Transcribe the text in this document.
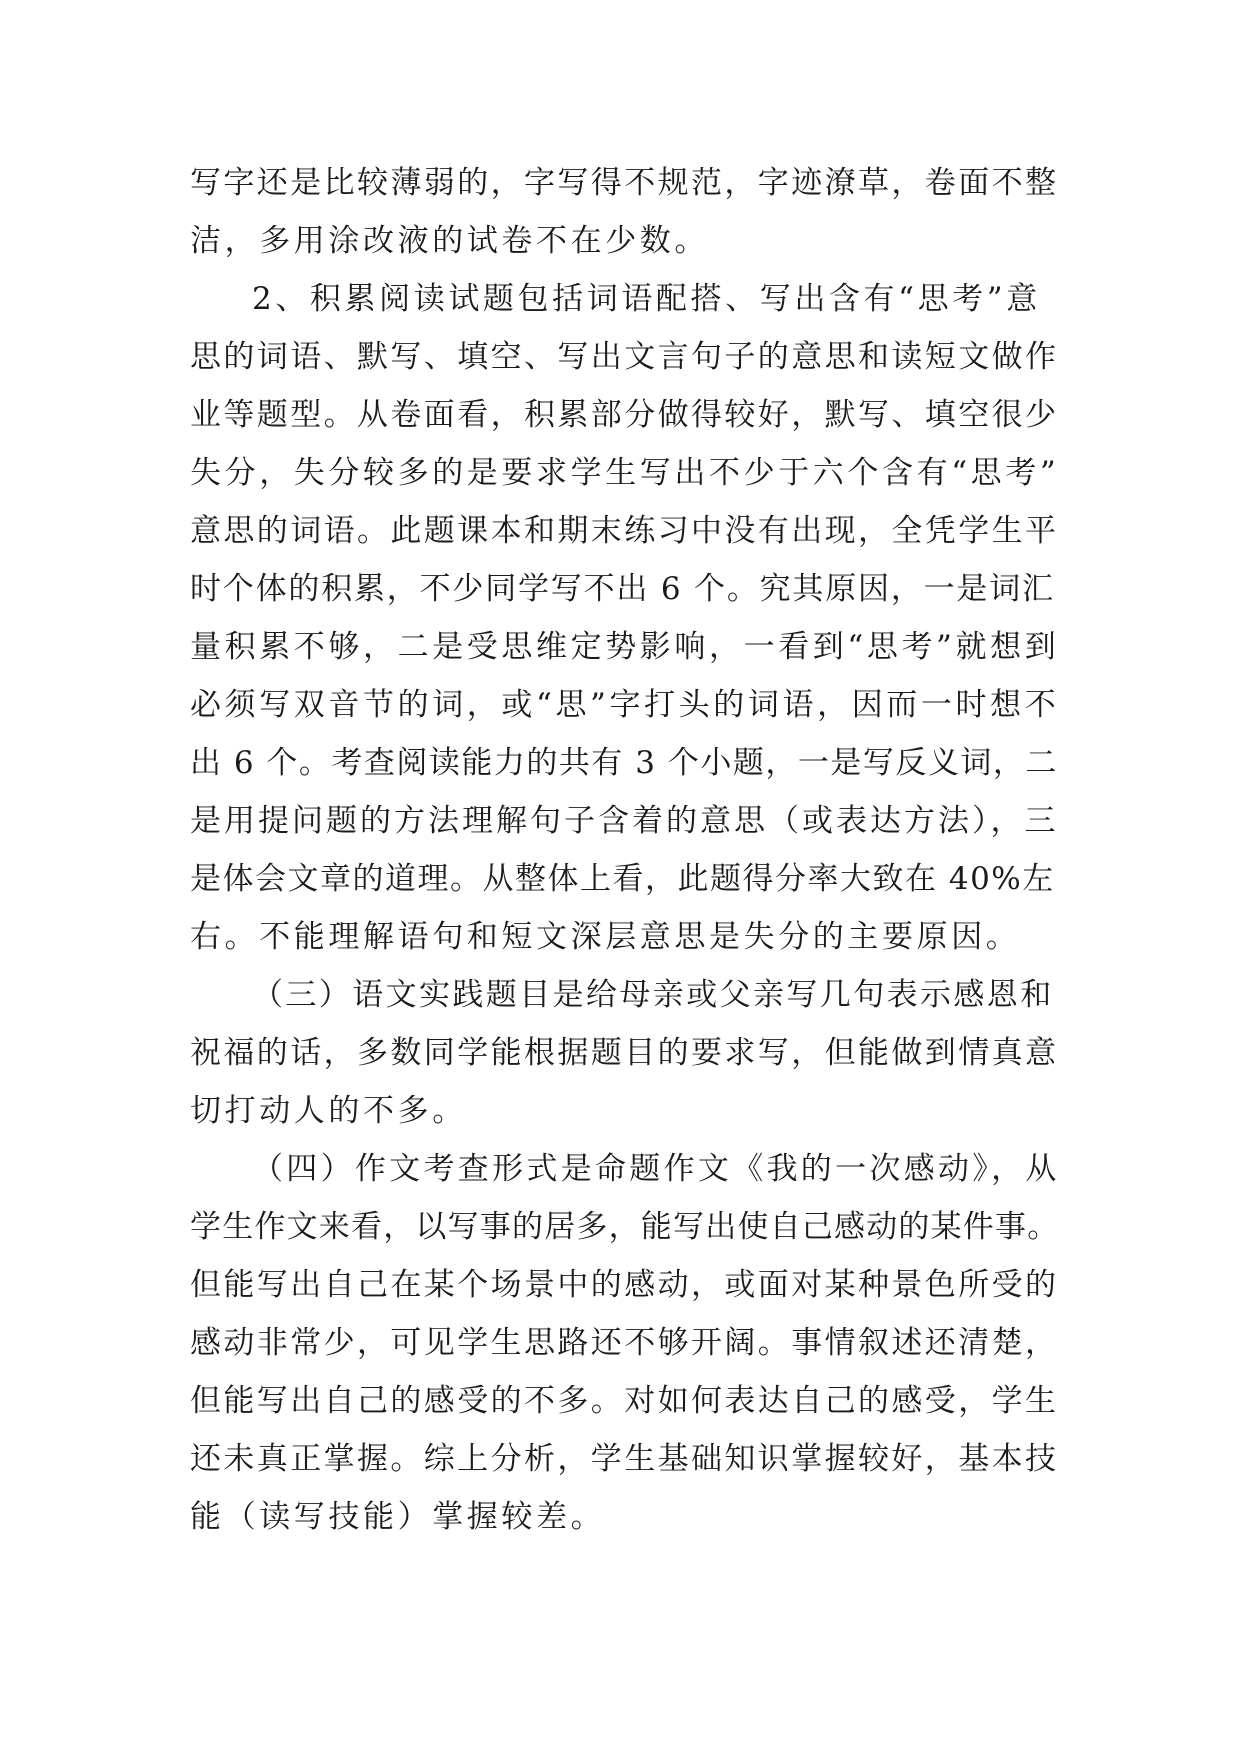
写字还是比较薄弱的，字写得不规范，字迹潦草，卷面不整
洁，多用涂改液的试卷不在少数。
2、积累阅读试题包括词语配搭、写出含有“思考”意
思的词语、默写、填空、写出文言句子的意思和读短文做作
业等题型。从卷面看，积累部分做得较好，默写、填空很少
失分，失分较多的是要求学生写出不少于六个含有“思考”
意思的词语。此题课本和期末练习中没有出现，全凭学生平
时个体的积累，不少同学写不出 6 个。究其原因，一是词汇
量积累不够，二是受思维定势影响，一看到“思考”就想到
必须写双音节的词，或“思”字打头的词语，因而一时想不
出 6 个。考查阅读能力的共有 3 个小题，一是写反义词，二
是用提问题的方法理解句子含着的意思（或表达方法），三
是体会文章的道理。从整体上看，此题得分率大致在 40%左
右。不能理解语句和短文深层意思是失分的主要原因。
（三）语文实践题目是给母亲或父亲写几句表示感恩和
祝福的话，多数同学能根据题目的要求写，但能做到情真意
切打动人的不多。
（四）作文考查形式是命题作文《我的一次感动》，从
学生作文来看，以写事的居多，能写出使自己感动的某件事。
但能写出自己在某个场景中的感动，或面对某种景色所受的
感动非常少，可见学生思路还不够开阔。事情叙述还清楚，
但能写出自己的感受的不多。对如何表达自己的感受，学生
还未真正掌握。综上分析，学生基础知识掌握较好，基本技
能（读写技能）掌握较差。
